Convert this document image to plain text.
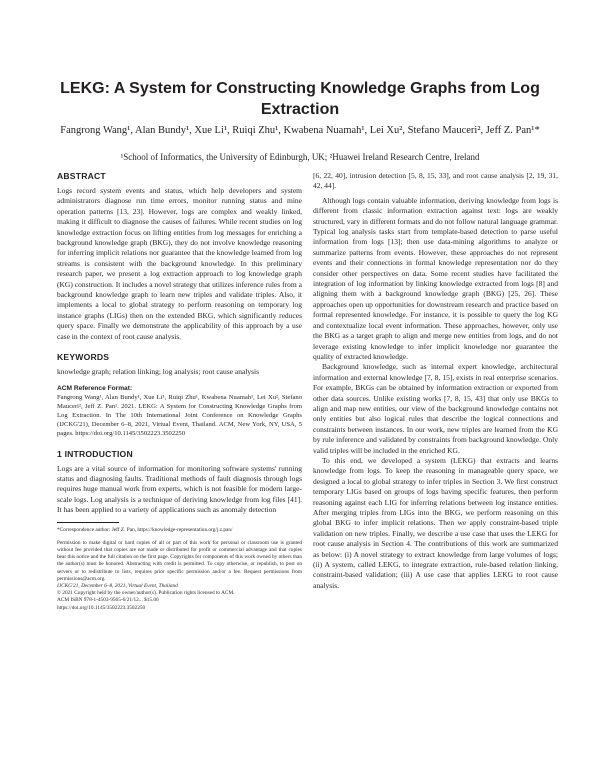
LEKG: A System for Constructing Knowledge Graphs from Log Extraction

Fangrong Wang¹, Alan Bundy¹, Xue Li¹, Ruiqi Zhu¹, Kwabena Nuamah¹, Lei Xu², Stefano Mauceri², Jeff Z. Pan¹*

¹School of Informatics, the University of Edinburgh, UK; ²Huawei Ireland Research Centre, Ireland

ABSTRACT

Logs record system events and status, which help developers and system administrators diagnose run time errors, monitor running status and mine operation patterns [13, 23]. However, logs are complex and weakly linked, making it difficult to diagnose the causes of failures. While recent studies on log knowledge extraction focus on lifting entities from log messages for enriching a background knowledge graph (BKG), they do not involve knowledge reasoning for inferring implicit relations nor guarantee that the knowledge learned from log streams is consistent with the background knowledge. In this preliminary research paper, we present a log extraction approach to log knowledge graph (KG) construction. It includes a novel strategy that utilizes inference rules from a background knowledge graph to learn new triples and validate triples. Also, it implements a local to global strategy to perform reasoning on temporary log instance graphs (LIGs) then on the extended BKG, which significantly reduces query space. Finally we demonstrate the applicability of this approach by a use case in the context of root cause analysis.

KEYWORDS

knowledge graph; relation linking; log analysis; root cause analysis

ACM Reference Format:

Fangrong Wang¹, Alan Bundy¹, Xue Li¹, Ruiqi Zhu¹, Kwabena Nuamah¹, Lei Xu², Stefano Mauceri², Jeff Z. Pan¹. 2021. LEKG: A System for Constructing Knowledge Graphs from Log Extraction. In The 10th International Joint Conference on Knowledge Graphs (IJCKG'21), December 6–8, 2021, Virtual Event, Thailand. ACM, New York, NY, USA, 5 pages. https://doi.org/10.1145/3502223.3502250

1 INTRODUCTION

Logs are a vital source of information for monitoring software systems' running status and diagnosing faults. Traditional methods of fault diagnosis through logs requires huge manual work from experts, which is not feasible for modern large-scale logs. Log analysis is a technique of deriving knowledge from log files [41]. It has been applied to a variety of applications such as anomaly detection

*Correspondence author: Jeff Z. Pan, https://knowledge-representation.org/j.z.pan/

Permission to make digital or hard copies of all or part of this work for personal or classroom use is granted without fee provided that copies are not made or distributed for profit or commercial advantage and that copies bear this notice and the full citation on the first page. Copyrights for components of this work owned by others than the author(s) must be honored. Abstracting with credit is permitted. To copy otherwise, or republish, to post on servers or to redistribute to lists, requires prior specific permission and/or a fee. Request permissions from permissions@acm.org.

IJCKG'21, December 6–8, 2021, Virtual Event, Thailand

© 2021 Copyright held by the owner/author(s). Publication rights licensed to ACM.

ACM ISBN 978-1-4503-9565-6/21/12... $15.00

https://doi.org/10.1145/3502223.3502250

[6, 22, 40], intrusion detection [5, 8, 15, 33], and root cause analysis [2, 19, 31, 42, 44].

Although logs contain valuable information, deriving knowledge from logs is different from classic information extraction against text: logs are weakly structured, vary in different formats and do not follow natural language grammar. Typical log analysis tasks start from template-based detection to parse useful information from logs [13]; then use data-mining algorithms to analyze or summarize patterns from events. However, these approaches do not represent events and their connections in formal knowledge representation nor do they consider other perspectives on data. Some recent studies have facilitated the integration of log information by linking knowledge extracted from logs [8] and aligning them with a background knowledge graph (BKG) [25, 26]. These approaches open up opportunities for downstream research and practice based on formal represented knowledge. For instance, it is possible to query the log KG and contextualize local event information. These approaches, however, only use the BKG as a target graph to align and merge new entities from logs, and do not leverage existing knowledge to infer implicit knowledge nor guarantee the quality of extracted knowledge.

Background knowledge, such as internal expert knowledge, architectural information and external knowledge [7, 8, 15], exists in real enterprise scenarios. For example, BKGs can be obtained by information extraction or exported from other data sources. Unlike existing works [7, 8, 15, 43] that only use BKGs to align and map new entities, our view of the background knowledge contains not only entities but also logical rules that describe the logical connections and constraints between instances. In our work, new triples are learned from the KG by rule inference and validated by constraints from background knowledge. Only valid triples will be included in the enriched KG.

To this end, we developed a system (LEKG) that extracts and learns knowledge from logs. To keep the reasoning in manageable query space, we designed a local to global strategy to infer triples in Section 3. We first construct temporary LIGs based on groups of logs having specific features, then perform reasoning against each LIG for inferring relations between log instance entities. After merging triples from LIGs into the BKG, we perform reasoning on this global BKG to infer implicit relations. Then we apply constraint-based triple validation on new triples. Finally, we describe a use case that uses the LEKG for root cause analysis in Section 4. The contributions of this work are summarized as below: (i) A novel strategy to extract knowledge from large volumes of logs; (ii) A system, called LEKG, to integrate extraction, rule-based relation linking, constraint-based validation; (iii) A use case that applies LEKG to root cause analysis.
